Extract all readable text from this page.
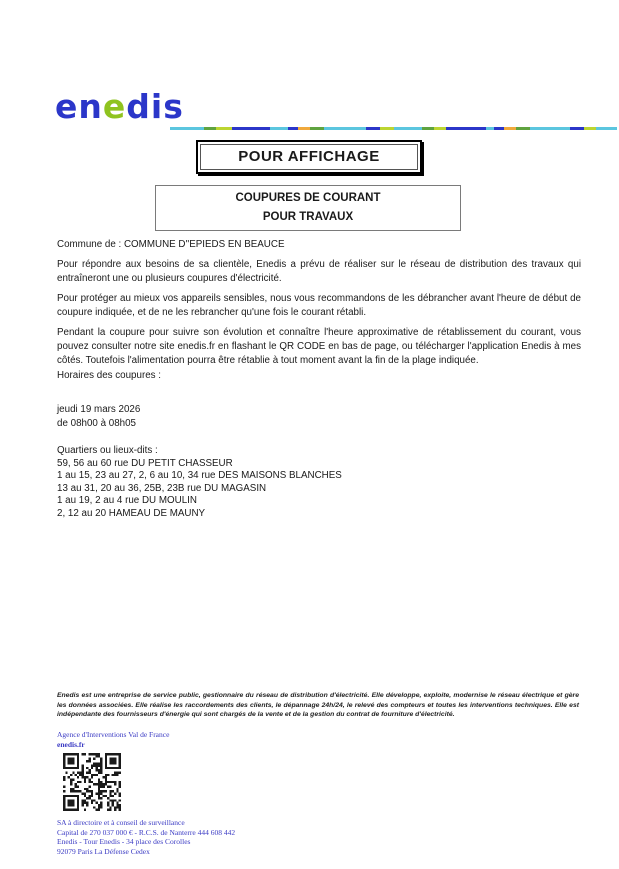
enedis
POUR AFFICHAGE
COUPURES DE COURANT
POUR TRAVAUX
Commune de : COMMUNE D''EPIEDS EN BEAUCE
Pour répondre aux besoins de sa clientèle, Enedis a prévu de réaliser sur le réseau de distribution des travaux qui entraîneront une ou plusieurs coupures d'électricité.
Pour protéger au mieux vos appareils sensibles, nous vous recommandons de les débrancher avant l'heure de début de coupure indiquée, et de ne les rebrancher qu'une fois le courant rétabli.
Pendant la coupure pour suivre son évolution et connaître l'heure approximative de rétablissement du courant, vous pouvez consulter notre site enedis.fr en flashant le QR CODE en bas de page, ou télécharger l'application Enedis à mes côtés. Toutefois l'alimentation pourra être rétablie à tout moment avant la fin de la plage indiquée.
Horaires des coupures :
jeudi 19 mars 2026
de 08h00 à 08h05
Quartiers ou lieux-dits :
59, 56 au 60 rue DU PETIT CHASSEUR
1 au 15, 23 au 27, 2, 6 au 10, 34 rue DES MAISONS BLANCHES
13 au 31, 20 au 36, 25B, 23B rue DU MAGASIN
1 au 19, 2 au 4 rue DU MOULIN
2, 12 au 20 HAMEAU DE MAUNY
Enedis est une entreprise de service public, gestionnaire du réseau de distribution d'électricité. Elle développe, exploite, modernise le réseau électrique et gère les données associées. Elle réalise les raccordements des clients, le dépannage 24h/24, le relevé des compteurs et toutes les interventions techniques. Elle est indépendante des fournisseurs d'énergie qui sont chargés de la vente et de la gestion du contrat de fourniture d'électricité.
Agence d'Interventions Val de France
enedis.fr
SA à directoire et à conseil de surveillance
Capital de 270 037 000 € - R.C.S. de Nanterre 444 608 442
Enedis - Tour Enedis - 34 place des Corolles
92079 Paris La Défense Cedex
